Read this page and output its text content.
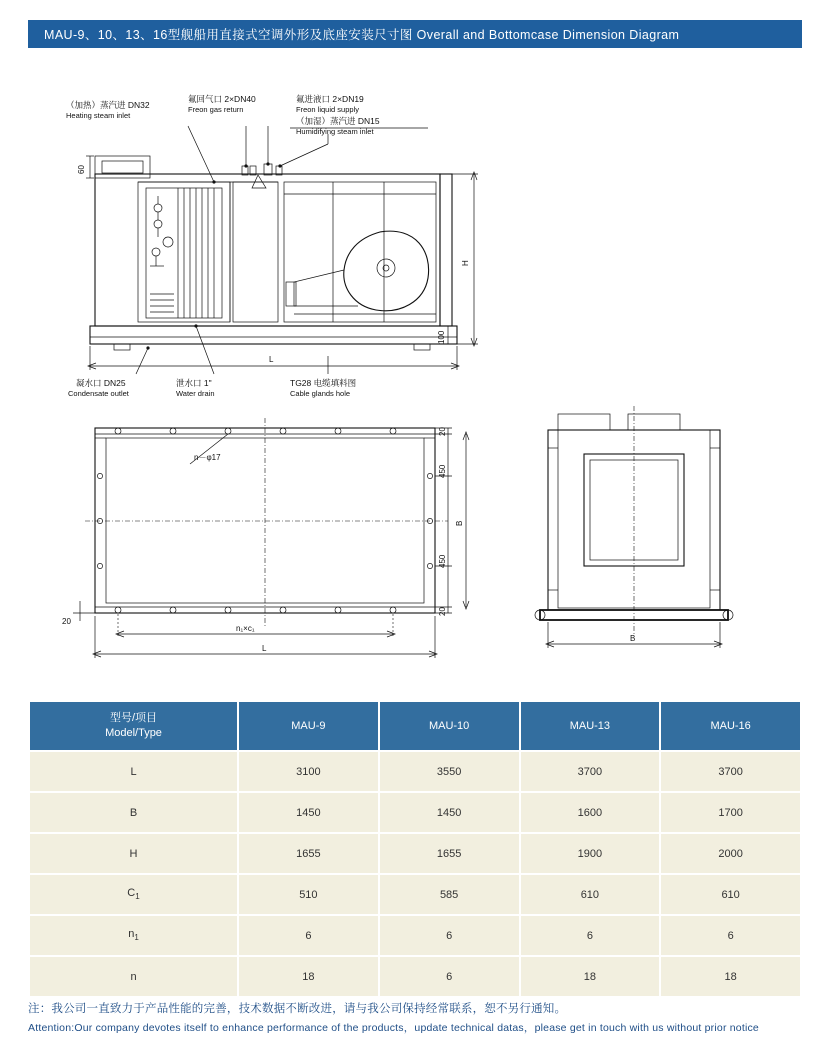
MAU-9、10、13、16型舰船用直接式空调外形及底座安装尺寸图 Overall and Bottomcase Dimension Diagram
60
H
100
L
（加热）蒸汽进 DN32
Heating steam inlet
氟回气口 2×DN40
Freon gas return
氟进液口 2×DN19
Freon liquid supply
（加湿）蒸汽进 DN15
Humidifying steam inlet
凝水口 DN25
Condensate outlet
泄水口 1"
Water drain
TG28 电缆填料图
Cable glands hole
n－φ17
20
450
450
20
B
20
n₁×c₁
L
B
型号/项目
Model/Type	MAU-9	MAU-10	MAU-13	MAU-16
L	3100	3550	3700	3700
B	1450	1450	1600	1700
H	1655	1655	1900	2000
$C_1$	510	585	610	610
$n_1$	6	6	6	6
n	18	6	18	18
注：我公司一直致力于产品性能的完善，技术数据不断改进，请与我公司保持经常联系，恕不另行通知。
Attention:Our company devotes itself to enhance performance of the products，update technical datas，please get in touch with us without prior notice
